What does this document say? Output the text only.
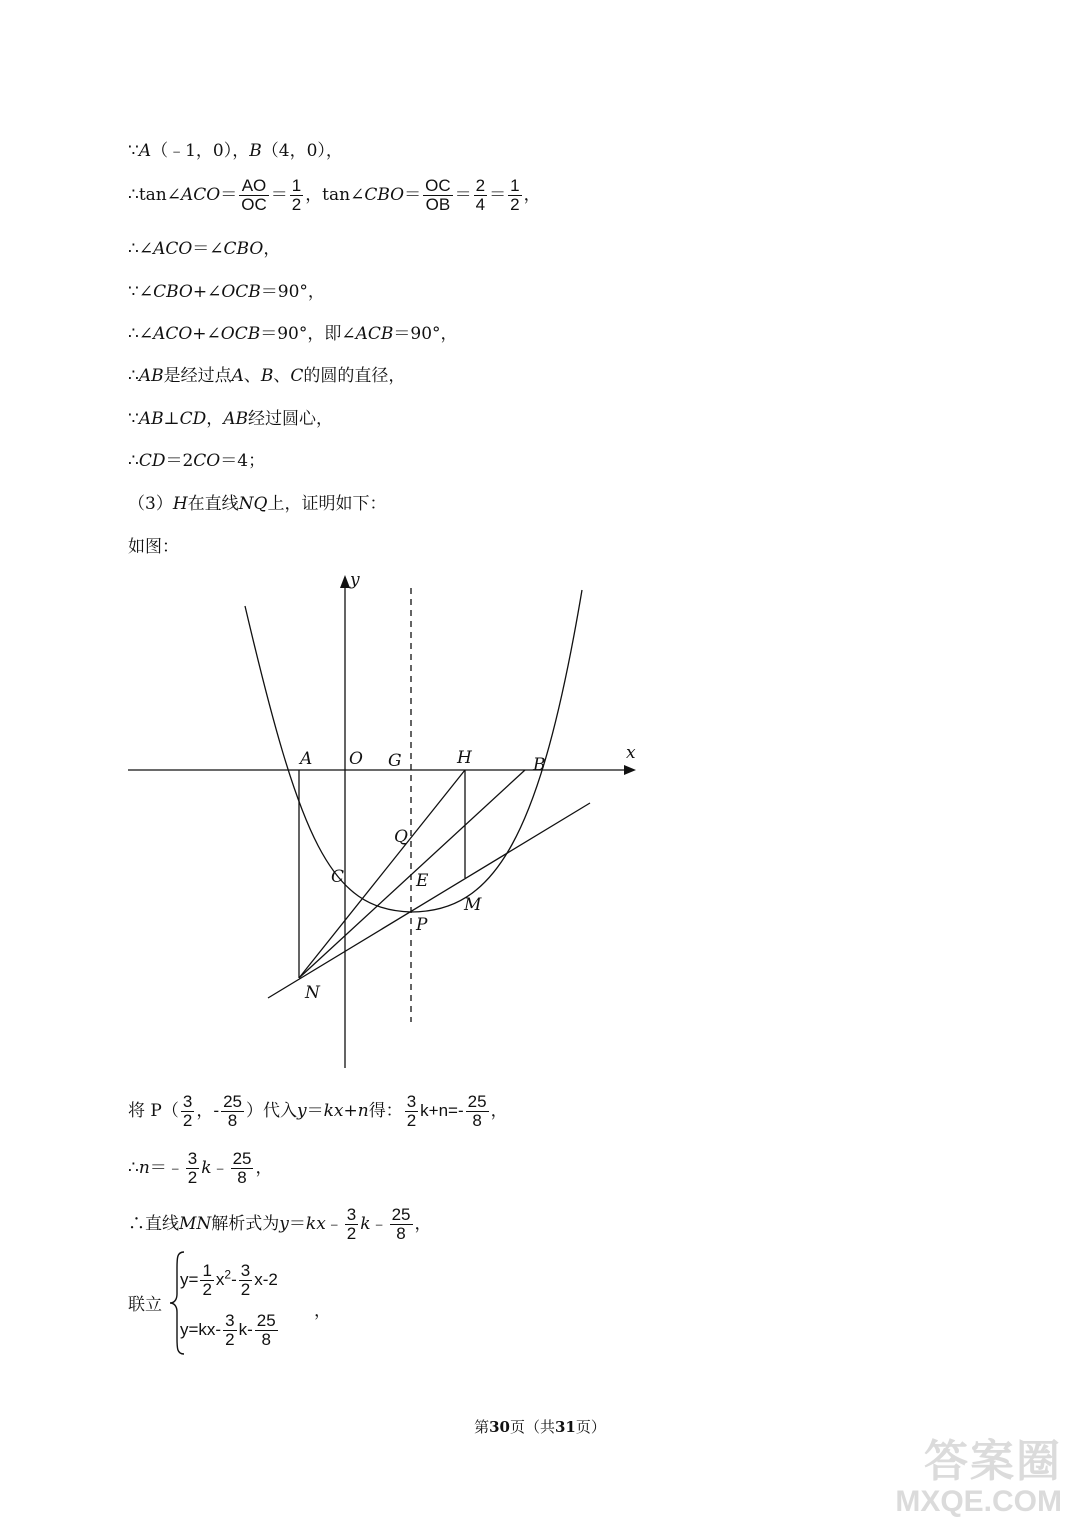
∵A（﹣1，0），B（4，0），
∴tan∠ACO＝ $\frac{AO}{OC} = \frac{1}{2}$ ，tan∠CBO＝ $\frac{OC}{OB} = \frac{2}{4} = \frac{1}{2}$ ，
∴∠ACO＝∠CBO，
∵∠CBO+∠OCB＝90°，
∴∠ACO+∠OCB＝90°，即∠ACB＝90°，
∴AB是经过点A、B、C的圆的直径，
∵AB⊥CD，AB经过圆心，
∴CD＝2CO＝4；
（3）H在直线NQ上，证明如下：
如图：
y
x
A O G	H	B
Q
C	E
M
P
N
将 $P( \frac{3}{2}$ ，- $\frac{25}{8}$ ）代入y＝kx+n得： $\frac{3}{2} k+n=- \frac{25}{8}$ ，
∴n＝﹣ $\frac{3}{2}$ k﹣ $\frac{25}{8}$ ，
∴直线MN解析式为y＝kx﹣ $\frac{3}{2}$ k﹣ $\frac{25}{8}$ ，
联立
$y= \frac{1}{2} x^2- \frac{3}{2} x-2$
$y=kx- \frac{3}{2} k- \frac{25}{8}$
，
第30页（共31页）
答案圈
MXQE.COM
